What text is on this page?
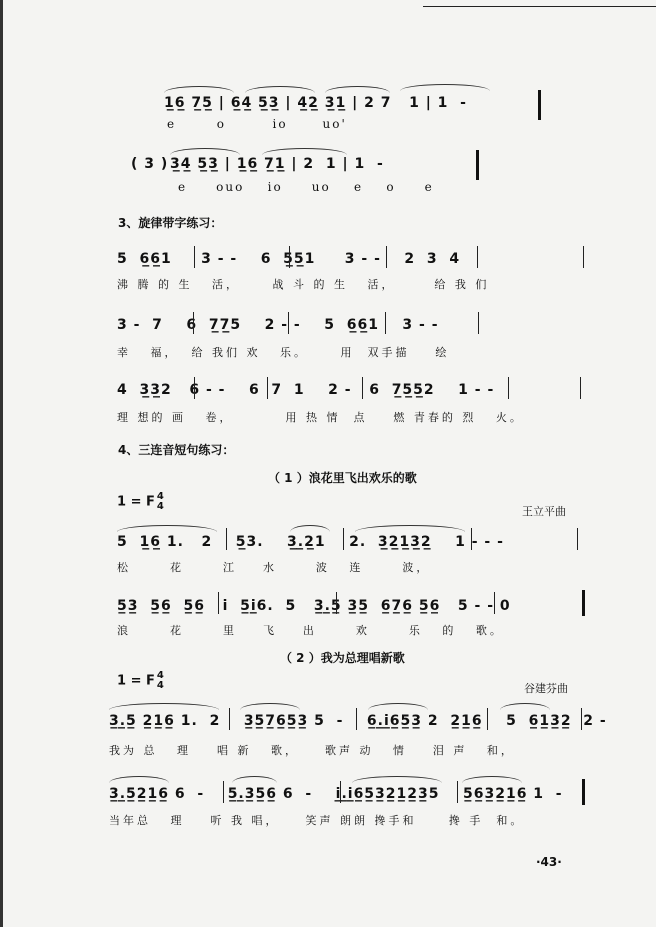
1̲6̲ 7̲5̲ | 6̲4̲ 5̲3̲ | 4̲2̲ 3̲1̲ | 2 7   1 | 1  -
e       o        io      uo'
( 3 ) 3̲4̲ 5̲3̲ | 1̲6̲ 7̲1̲ | 2  1 | 1  -
e     ouo    io     uo    e    o     e
3、旋律带字练习：
5  6̲6̲1     3 - -    6  5̲5̲1     3 - -    2  3  4
沸 腾 的 生   活，     战 斗 的 生   活，      给 我 们
3 -  7    6  7̲7̲5    2 - -    5  6̲6̲1    3 - -
幸   福，  给 我们 欢   乐。     用  双手描    绘
4  3̲3̲2   6 - -    6  7  1    2 -   6  7̲5̲5̲2    1 - -
理 想的 画   卷，        用 热 情  点    燃 青春的 烈   火。
4、三连音短句练习：
（ 1 ）浪花里飞出欢乐的歌
1 = F 4
4	王立平曲
5  1̲6̲ 1.   2    5̲3.    3̲.̲2̲1    2.  3̲2̲1̲3̲2̲    1 - - -
松      花      江    水      波   连      波，
5̲3̲  5̲6̲  5̲6̲   i  5̲i̲6.  5   3̲.̲5̲ 3̲5̲  6̲7̲6̲ 5̲6̲   5 - - 0
浪      花      里    飞    出      欢      乐   的   歌。
（ 2 ）我为总理唱新歌
1 = F 4
4	谷建芬曲
3̲.̲5̲ 2̲1̲6̲ 1.  2    3̲5̲7̲6̲5̲3̲ 5  -    6̲.̲i̲6̲5̲3̲ 2  2̲1̲6̲    5  6̲1̲3̲2̲  2 -
我为 总   理    唱 新   歌，    歌声 动   情    泪 声   和，
3̲.̲5̲2̲1̲6̲ 6  -    5̲.̲3̲5̲6̲ 6  -    i̲.̲i̲6̲5̲3̲2̲1̲2̲3̲5    5̲6̲3̲2̲1̲6̲ 1  -
当年总   理    听 我 唱，    笑声 朗朗 搀手和     搀 手  和。
·43·
